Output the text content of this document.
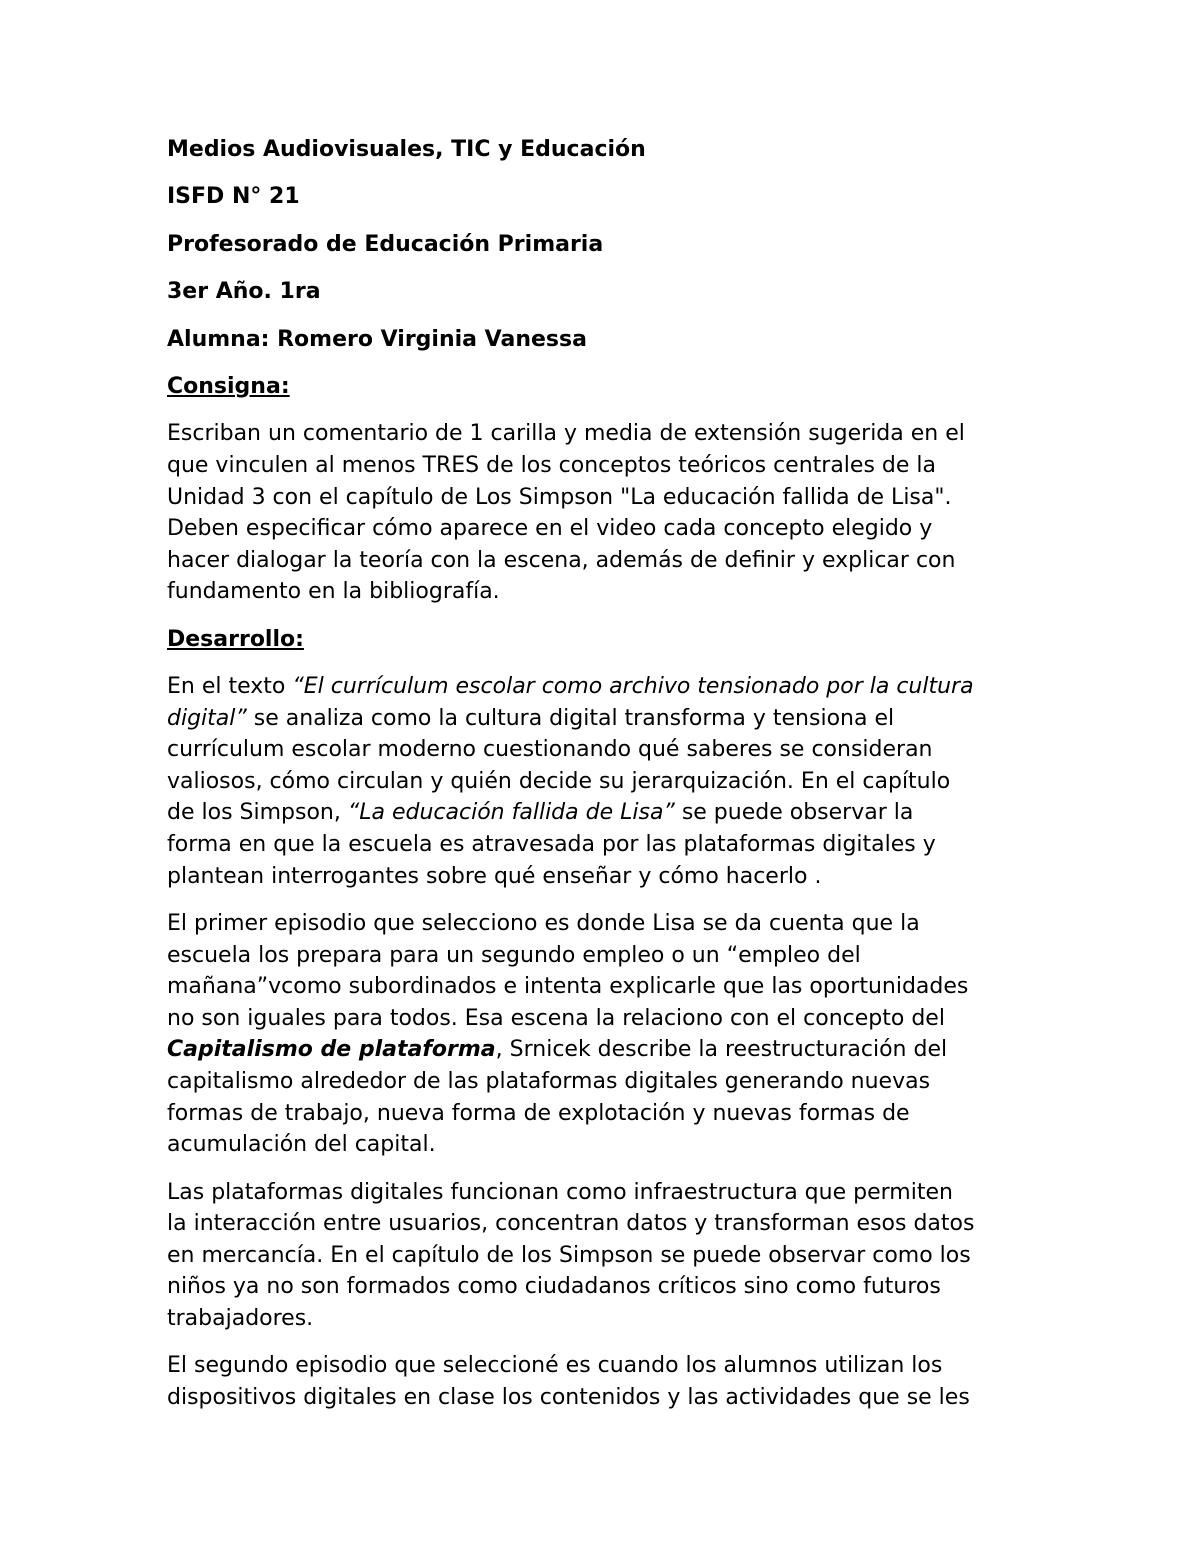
Medios Audiovisuales, TIC y Educación
ISFD N° 21
Profesorado de Educación Primaria
3er Año. 1ra
Alumna: Romero Virginia Vanessa
Consigna:

Escriban un comentario de 1 carilla y media de extensión sugerida en el
que vinculen al menos TRES de los conceptos teóricos centrales de la
Unidad 3 con el capítulo de Los Simpson "La educación fallida de Lisa".
Deben especificar cómo aparece en el video cada concepto elegido y
hacer dialogar la teoría con la escena, además de definir y explicar con
fundamento en la bibliografía.

Desarrollo:

En el texto “El currículum escolar como archivo tensionado por la cultura
digital” se analiza como la cultura digital transforma y tensiona el
currículum escolar moderno cuestionando qué saberes se consideran
valiosos, cómo circulan y quién decide su jerarquización. En el capítulo
de los Simpson, “La educación fallida de Lisa” se puede observar la
forma en que la escuela es atravesada por las plataformas digitales y
plantean interrogantes sobre qué enseñar y cómo hacerlo .

El primer episodio que selecciono es donde Lisa se da cuenta que la
escuela los prepara para un segundo empleo o un “empleo del
mañana”vcomo subordinados e intenta explicarle que las oportunidades
no son iguales para todos. Esa escena la relaciono con el concepto del
Capitalismo de plataforma, Srnicek describe la reestructuración del
capitalismo alrededor de las plataformas digitales generando nuevas
formas de trabajo, nueva forma de explotación y nuevas formas de
acumulación del capital.

Las plataformas digitales funcionan como infraestructura que permiten
la interacción entre usuarios, concentran datos y transforman esos datos
en mercancía. En el capítulo de los Simpson se puede observar como los
niños ya no son formados como ciudadanos críticos sino como futuros
trabajadores.

El segundo episodio que seleccioné es cuando los alumnos utilizan los
dispositivos digitales en clase los contenidos y las actividades que se les
